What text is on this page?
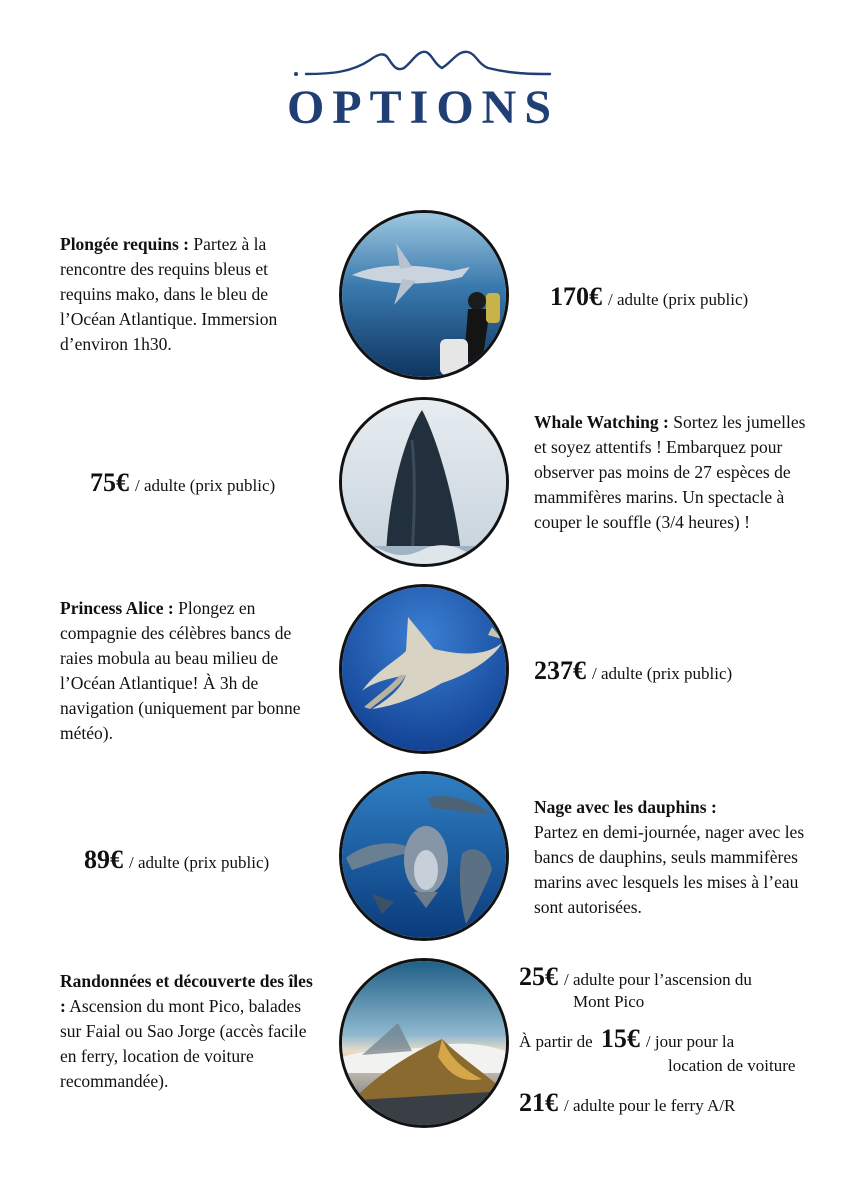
OPTIONS
Plongée requins : Partez à la rencontre des requins bleus et requins mako, dans le bleu de l’Océan Atlantique. Immersion d’environ 1h30.
170€ / adulte (prix public)
75€ / adulte (prix public)
Whale Watching : Sortez les jumelles et soyez attentifs ! Embarquez pour observer pas moins de 27 espèces de mammifères marins. Un spectacle à couper le souffle (3/4 heures) !
Princess Alice : Plongez en compagnie des célèbres bancs de raies mobula au beau milieu de l’Océan Atlantique! À 3h de navigation (uniquement par bonne météo).
237€ / adulte (prix public)
89€ / adulte (prix public)
Nage avec les dauphins :
Partez en demi-journée, nager avec les bancs de dauphins, seuls mammifères marins avec lesquels les mises à l’eau sont autorisées.
Randonnées et découverte des îles : Ascension du mont Pico, balades sur Faial ou Sao Jorge (accès facile en ferry, location de voiture recommandée).
25€ / adulte pour l’ascension du
Mont Pico
À partir de 15€ / jour pour la
location de voiture
21€ / adulte pour le ferry A/R
